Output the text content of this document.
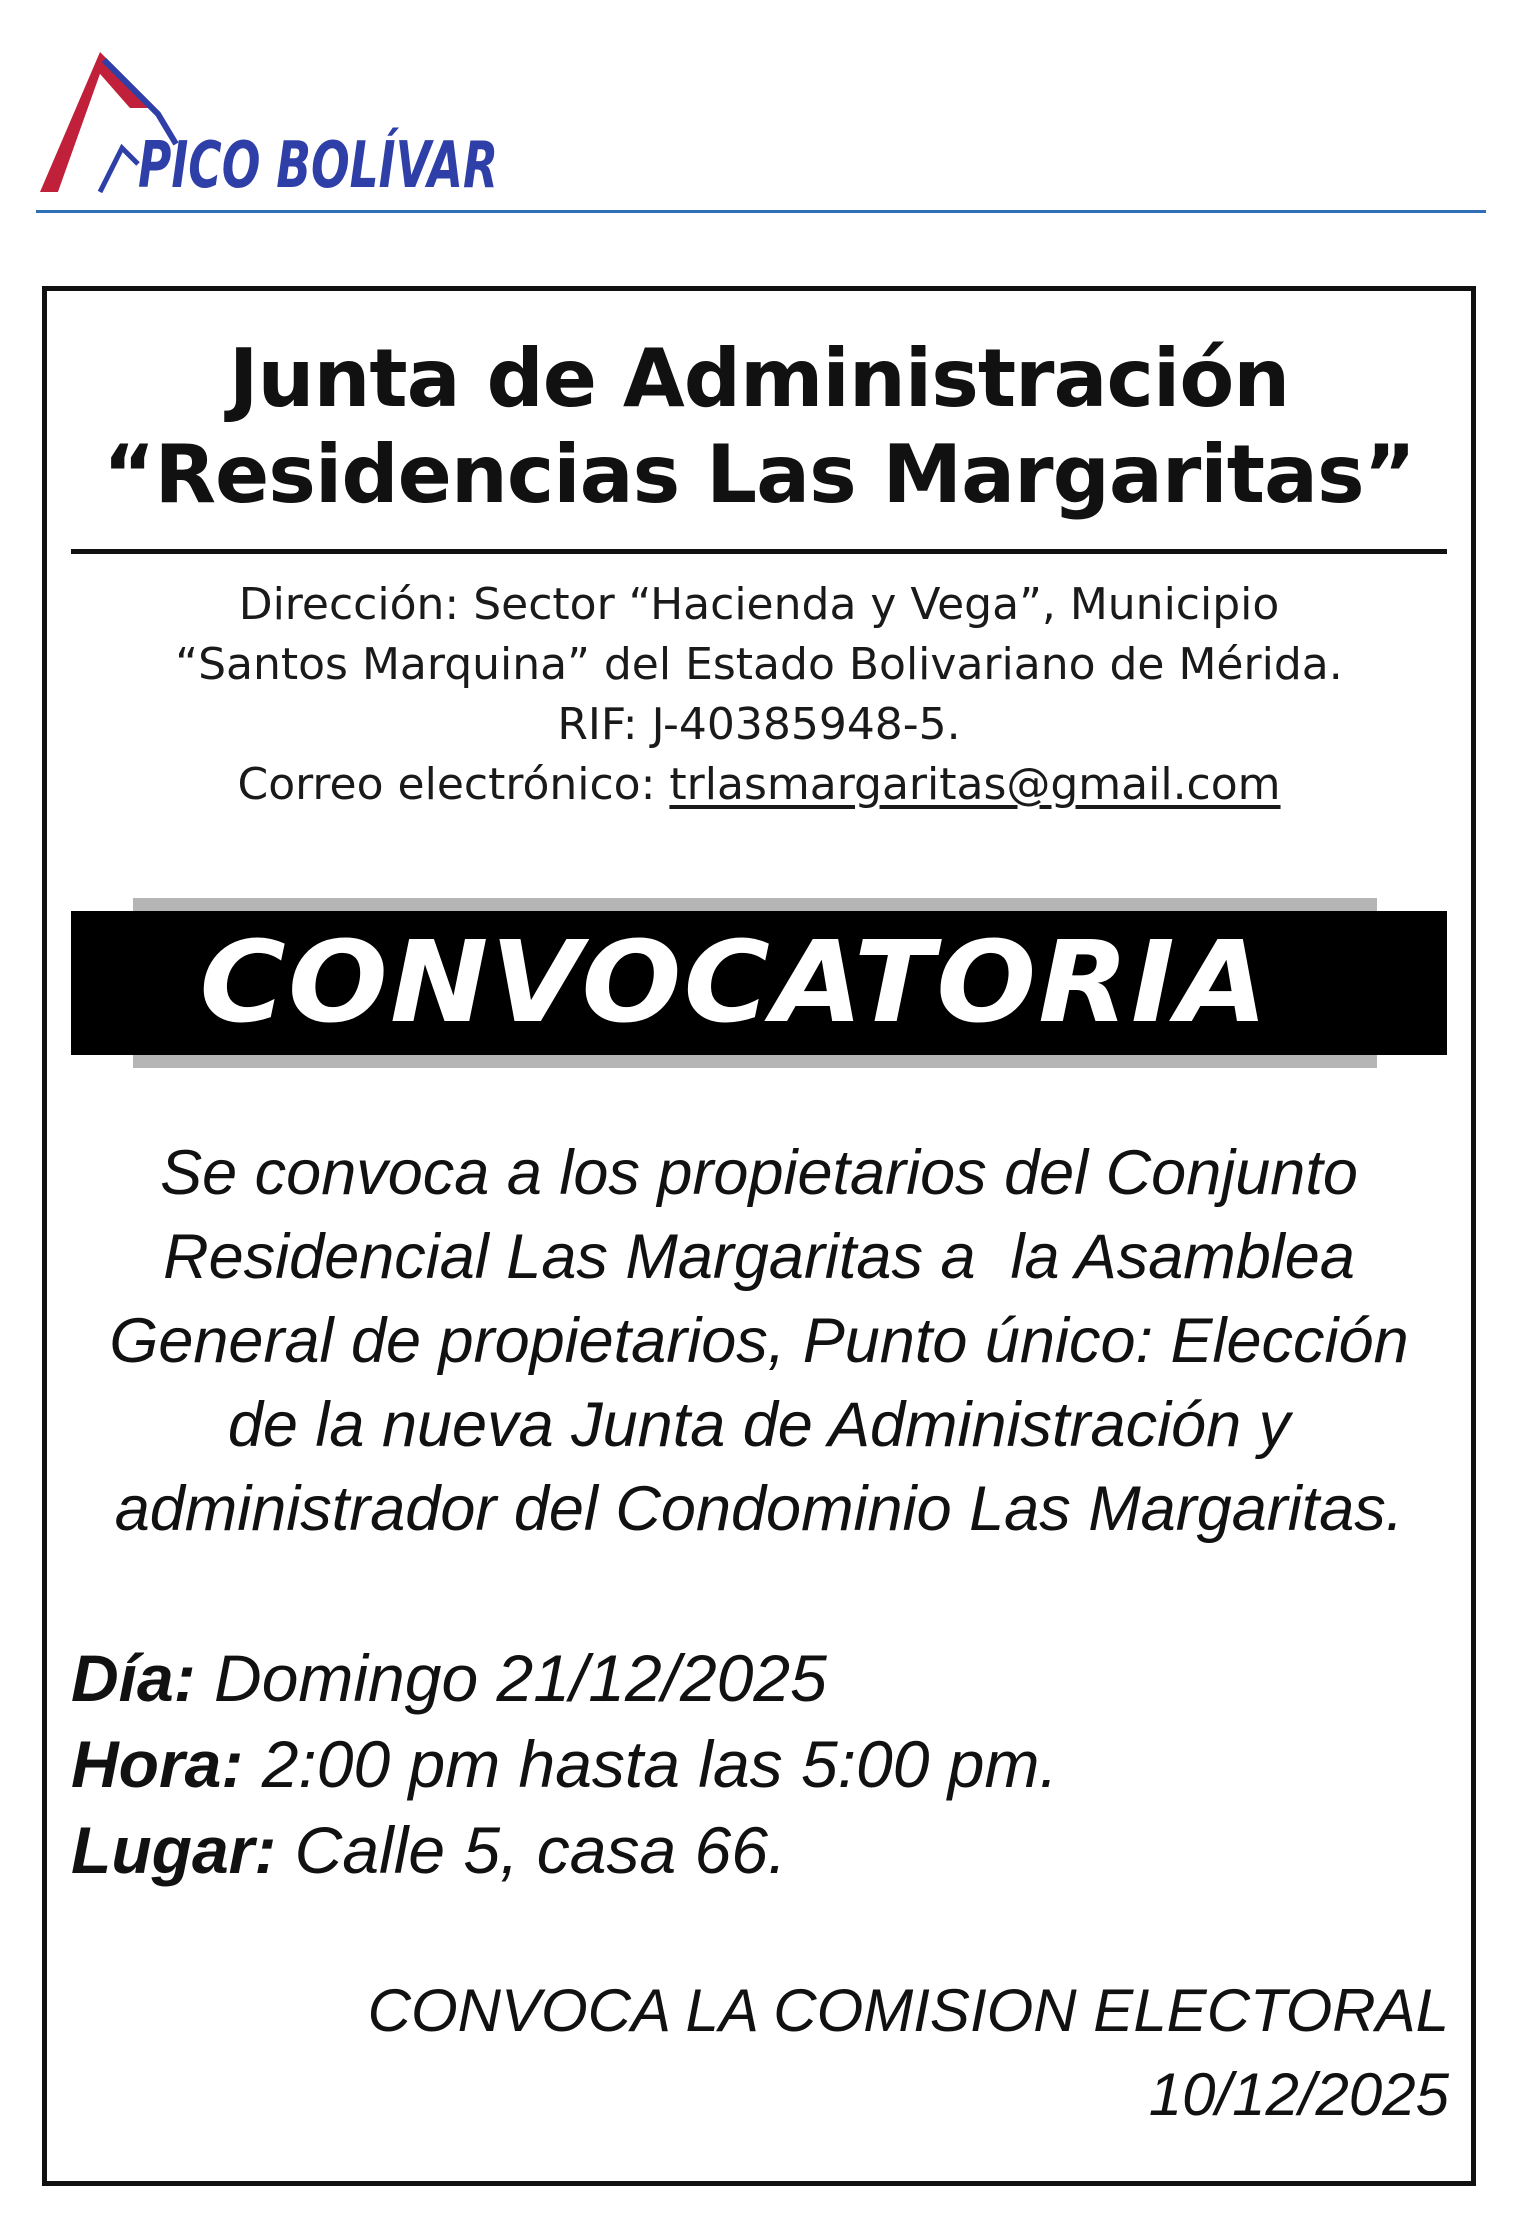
PICO BOLÍVAR

Junta de Administración

“Residencias Las Margaritas”

Dirección: Sector “Hacienda y Vega”, Municipio

“Santos Marquina” del Estado Bolivariano de Mérida.

RIF: J-40385948-5.

Correo electrónico: trlasmargaritas@gmail.com

CONVOCATORIA

Se convoca a los propietarios del Conjunto

Residencial Las Margaritas a  la Asamblea

General de propietarios, Punto único: Elección

de la nueva Junta de Administración y

administrador del Condominio Las Margaritas.

Día: Domingo 21/12/2025

Hora: 2:00 pm hasta las 5:00 pm.

Lugar: Calle 5, casa 66.

CONVOCA LA COMISION ELECTORAL

10/12/2025
